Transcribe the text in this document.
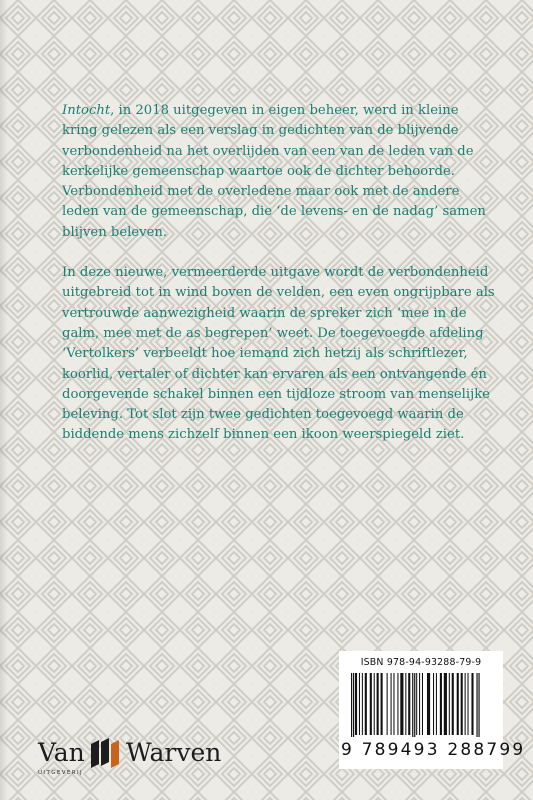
Intocht, in 2018 uitgegeven in eigen beheer, werd in kleine kring gelezen als een verslag in gedichten van de blijvende verbondenheid na het overlijden van een van de leden van de kerkelijke gemeenschap waartoe ook de dichter behoorde. Verbondenheid met de overledene maar ook met de andere leden van de gemeenschap, die ‘de levens- en de nadag’ samen blijven beleven.

In deze nieuwe, vermeerderde uitgave wordt de verbondenheid uitgebreid tot in wind boven de velden, een even ongrijpbare als vertrouwde aanwezigheid waarin de spreker zich ‘mee in de galm, mee met de as begrepen’ weet. De toegevoegde afdeling ‘Vertolkers’ verbeeldt hoe iemand zich hetzij als schriftlezer, koorlid, vertaler of dichter kan ervaren als een ontvangende én doorgevende schakel binnen een tijdloze stroom van menselijke beleving. Tot slot zijn twee gedichten toegevoegd waarin de biddende mens zichzelf binnen een ikoon weerspiegeld ziet.

ISBN 978-94-93288-79-9
9 789493 288799
Van Warven
UITGEVERIJ
